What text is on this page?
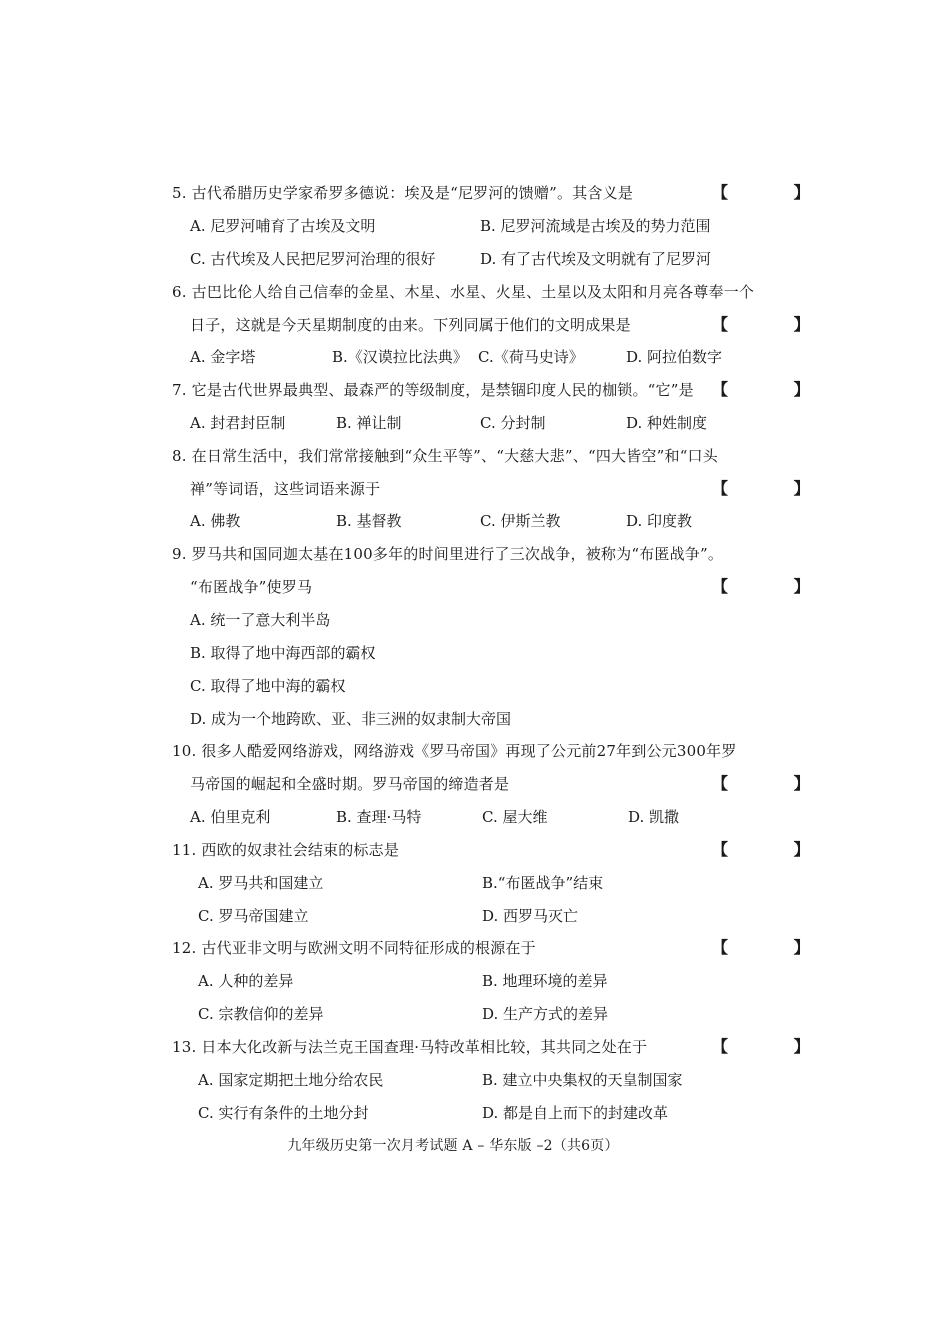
5. 古代希腊历史学家希罗多德说：埃及是“尼罗河的馈赠”。其含义是	【 】
A. 尼罗河哺育了古埃及文明	B. 尼罗河流域是古埃及的势力范围
C. 古代埃及人民把尼罗河治理的很好	D. 有了古代埃及文明就有了尼罗河
6. 古巴比伦人给自己信奉的金星、木星、水星、火星、土星以及太阳和月亮各尊奉一个
日子，这就是今天星期制度的由来。下列同属于他们的文明成果是	【 】
A. 金字塔	B.《汉谟拉比法典》 C.《荷马史诗》	D. 阿拉伯数字
7. 它是古代世界最典型、最森严的等级制度，是禁锢印度人民的枷锁。“它”是 【 】
A. 封君封臣制	B. 禅让制	C. 分封制	D. 种姓制度
8. 在日常生活中，我们常常接触到“众生平等”、“大慈大悲”、“四大皆空”和“口头
禅”等词语，这些词语来源于	【 】
A. 佛教	B. 基督教	C. 伊斯兰教	D. 印度教
9. 罗马共和国同迦太基在100多年的时间里进行了三次战争，被称为“布匿战争”。
“布匿战争”使罗马	【 】
A. 统一了意大利半岛
B. 取得了地中海西部的霸权
C. 取得了地中海的霸权
D. 成为一个地跨欧、亚、非三洲的奴隶制大帝国
10. 很多人酷爱网络游戏，网络游戏《罗马帝国》再现了公元前27年到公元300年罗
马帝国的崛起和全盛时期。罗马帝国的缔造者是	【 】
A. 伯里克利	B. 查理·马特	C. 屋大维	D. 凯撒
11. 西欧的奴隶社会结束的标志是	【 】
A. 罗马共和国建立	B.“布匿战争”结束
C. 罗马帝国建立	D. 西罗马灭亡
12. 古代亚非文明与欧洲文明不同特征形成的根源在于	【 】
A. 人种的差异	B. 地理环境的差异
C. 宗教信仰的差异	D. 生产方式的差异
13. 日本大化改新与法兰克王国查理·马特改革相比较，其共同之处在于	【 】
A. 国家定期把土地分给农民	B. 建立中央集权的天皇制国家
C. 实行有条件的土地分封	D. 都是自上而下的封建改革
九年级历史第一次月考试题 A – 华东版 –2（共6页）
